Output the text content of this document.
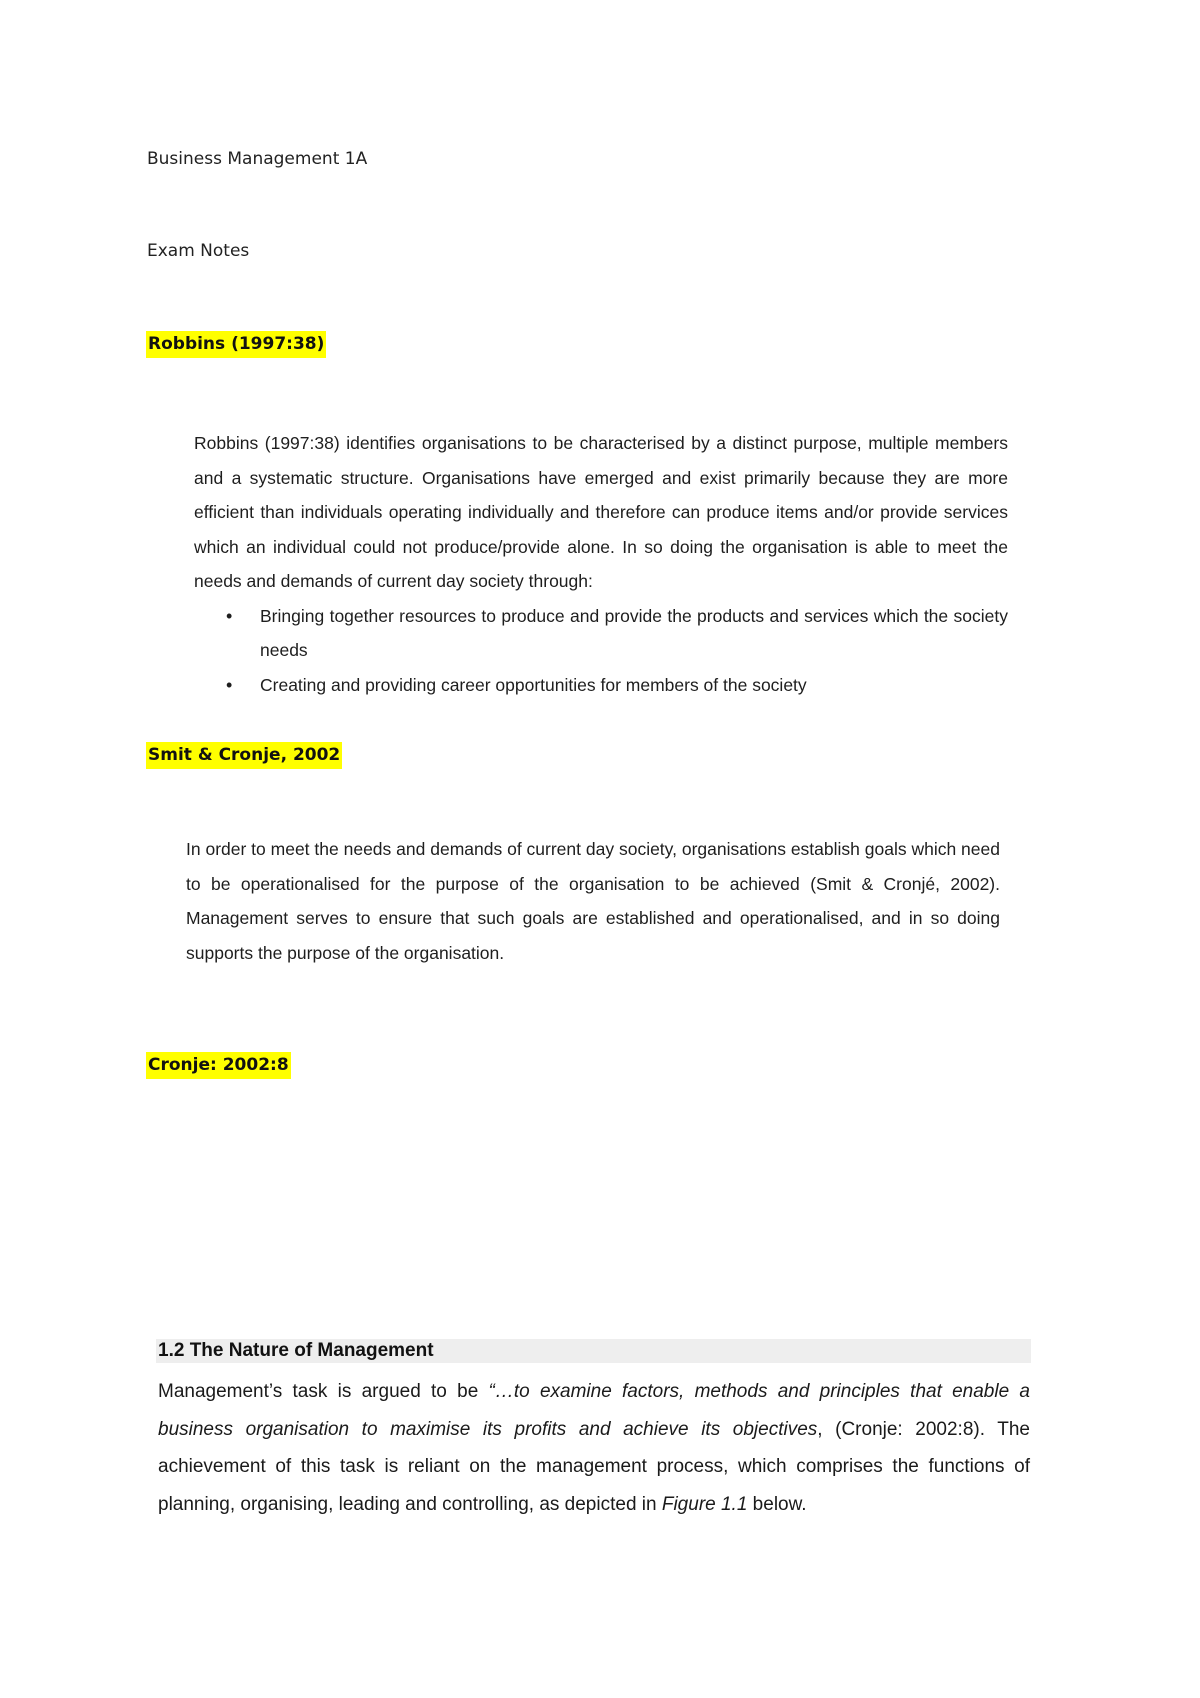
Business Management 1A

Exam Notes

Robbins (1997:38)

Robbins (1997:38) identifies organisations to be characterised by a distinct purpose, multiple members and a systematic structure. Organisations have emerged and exist primarily because they are more efficient than individuals operating individually and therefore can produce items and/or provide services which an individual could not produce/provide alone. In so doing the organisation is able to meet the needs and demands of current day society through:

• Bringing together resources to produce and provide the products and services which the society needs
• Creating and providing career opportunities for members of the society
Smit & Cronje, 2002

In order to meet the needs and demands of current day society, organisations establish goals which need to be operationalised for the purpose of the organisation to be achieved (Smit & Cronjé, 2002). Management serves to ensure that such goals are established and operationalised, and in so doing supports the purpose of the organisation.

Cronje: 2002:8
1.2 The Nature of Management

Management’s task is argued to be “…to examine factors, methods and principles that enable a business organisation to maximise its profits and achieve its objectives, (Cronje: 2002:8). The achievement of this task is reliant on the management process, which comprises the functions of planning, organising, leading and controlling, as depicted in Figure 1.1 below.
